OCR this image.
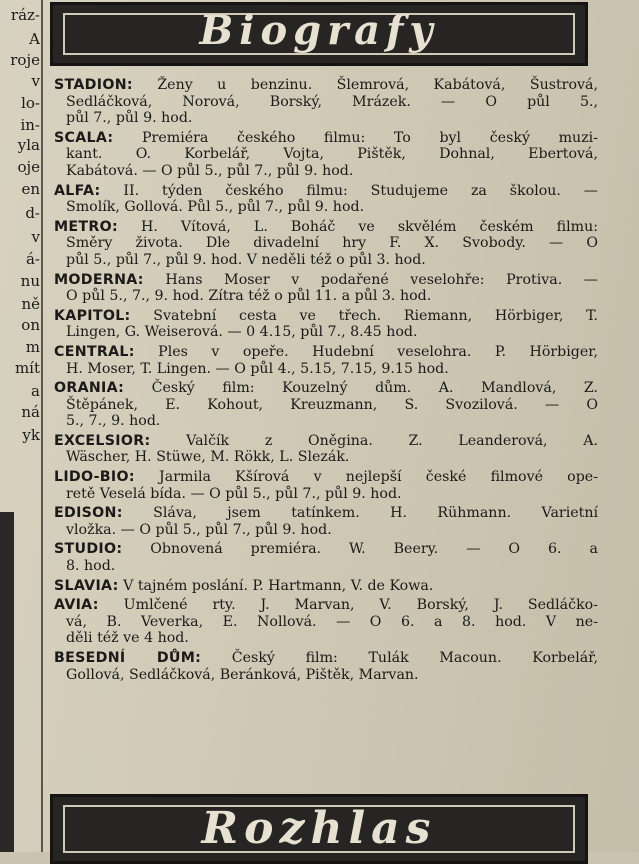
ráz-
A
roje
v
lo-
in-
yla
oje
en
d-
v
á-
nu
ně
on
m
mít
a
ná
yk
Biografy
STADION: Ženy u benzinu. Šlemrová, Kabátová, Šustrová,
Sedláčková, Norová, Borský, Mrázek. — O půl 5.,
půl 7., půl 9. hod.
SCALA: Premiéra českého filmu: To byl český muzi-
kant. O. Korbelář, Vojta, Pištěk, Dohnal, Ebertová,
Kabátová. — O půl 5., půl 7., půl 9. hod.
ALFA: II. týden českého filmu: Studujeme za školou. —
Smolík, Gollová. Půl 5., půl 7., půl 9. hod.
METRO: H. Vítová, L. Boháč ve skvělém českém filmu:
Směry života. Dle divadelní hry F. X. Svobody. — O
půl 5., půl 7., půl 9. hod. V neděli též o půl 3. hod.
MODERNA: Hans Moser v podařené veselohře: Protiva. —
O půl 5., 7., 9. hod. Zítra též o půl 11. a půl 3. hod.
KAPITOL: Svatební cesta ve třech. Riemann, Hörbiger, T.
Lingen, G. Weiserová. — 0 4.15, půl 7., 8.45 hod.
CENTRAL: Ples v opeře. Hudební veselohra. P. Hörbiger,
H. Moser, T. Lingen. — O půl 4., 5.15, 7.15, 9.15 hod.
ORANIA: Český film: Kouzelný dům. A. Mandlová, Z.
Štěpánek, E. Kohout, Kreuzmann, S. Svozilová. — O
5., 7., 9. hod.
EXCELSIOR:	Valčík z Oněgina. Z. Leanderová, A.
Wäscher, H. Stüwe, M. Rökk, L. Slezák.
LIDO-BIO: Jarmila Kšírová v nejlepší české filmové ope-
retě Veselá bída. — O půl 5., půl 7., půl 9. hod.
EDISON: Sláva, jsem tatínkem. H. Rühmann. Varietní
vložka. — O půl 5., půl 7., půl 9. hod.
STUDIO: Obnovená premiéra. W. Beery. — O 6. a
8. hod.
SLAVIA: V tajném poslání. P. Hartmann, V. de Kowa.
AVIA: Umlčené rty. J. Marvan, V. Borský, J. Sedláčko-
vá, B. Veverka, E. Nollová. — O 6. a 8. hod. V ne-
děli též ve 4 hod.
BESEDNÍ DŮM: Český film: Tulák Macoun. Korbelář,
Gollová, Sedláčková, Beránková, Pištěk, Marvan.
Rozhlas
